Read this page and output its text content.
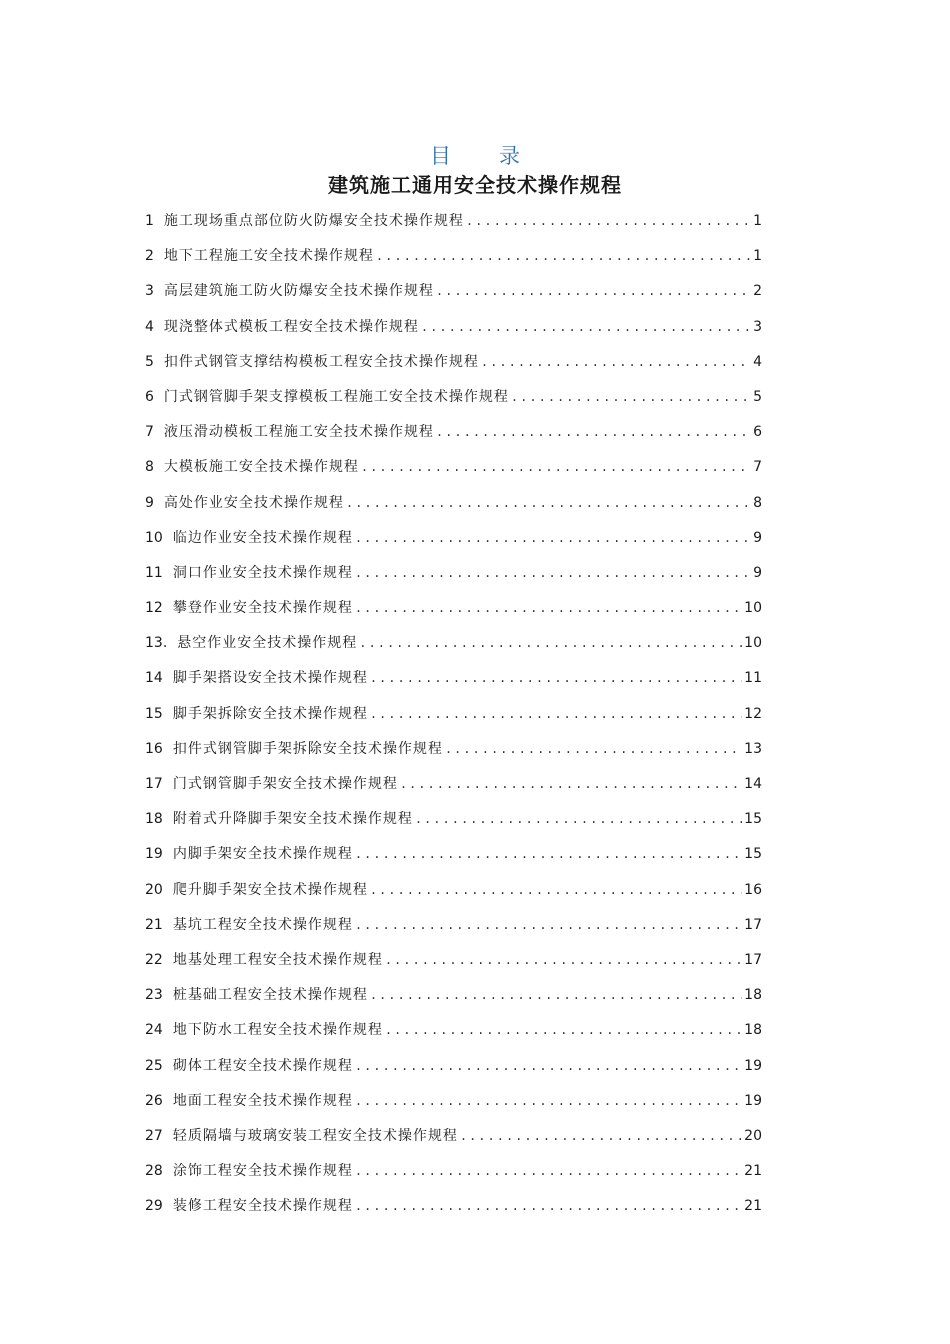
目 录
建筑施工通用安全技术操作规程
1 施工现场重点部位防火防爆安全技术操作规程 .....	1
2 地下工程施工安全技术操作规程 .....	1
3 高层建筑施工防火防爆安全技术操作规程 .....	2
4 现浇整体式模板工程安全技术操作规程 .....	3
5 扣件式钢管支撑结构模板工程安全技术操作规程 .....	4
6 门式钢管脚手架支撑模板工程施工安全技术操作规程 .....	5
7 液压滑动模板工程施工安全技术操作规程 .....	6
8 大模板施工安全技术操作规程 .....	7
9 高处作业安全技术操作规程 .....	8
10 临边作业安全技术操作规程 .....	9
11 洞口作业安全技术操作规程 .....	9
12 攀登作业安全技术操作规程 .....	10
13. 悬空作业安全技术操作规程 .....	10
14 脚手架搭设安全技术操作规程 .....	11
15 脚手架拆除安全技术操作规程 .....	12
16 扣件式钢管脚手架拆除安全技术操作规程 .....	13
17 门式钢管脚手架安全技术操作规程 .....	14
18 附着式升降脚手架安全技术操作规程 .....	15
19 内脚手架安全技术操作规程 .....	15
20 爬升脚手架安全技术操作规程 .....	16
21 基坑工程安全技术操作规程 .....	17
22 地基处理工程安全技术操作规程 .....	17
23 桩基础工程安全技术操作规程 .....	18
24 地下防水工程安全技术操作规程 .....	18
25 砌体工程安全技术操作规程 .....	19
26 地面工程安全技术操作规程 .....	19
27 轻质隔墙与玻璃安装工程安全技术操作规程 .....	20
28 涂饰工程安全技术操作规程 .....	21
29 装修工程安全技术操作规程 .....	21
